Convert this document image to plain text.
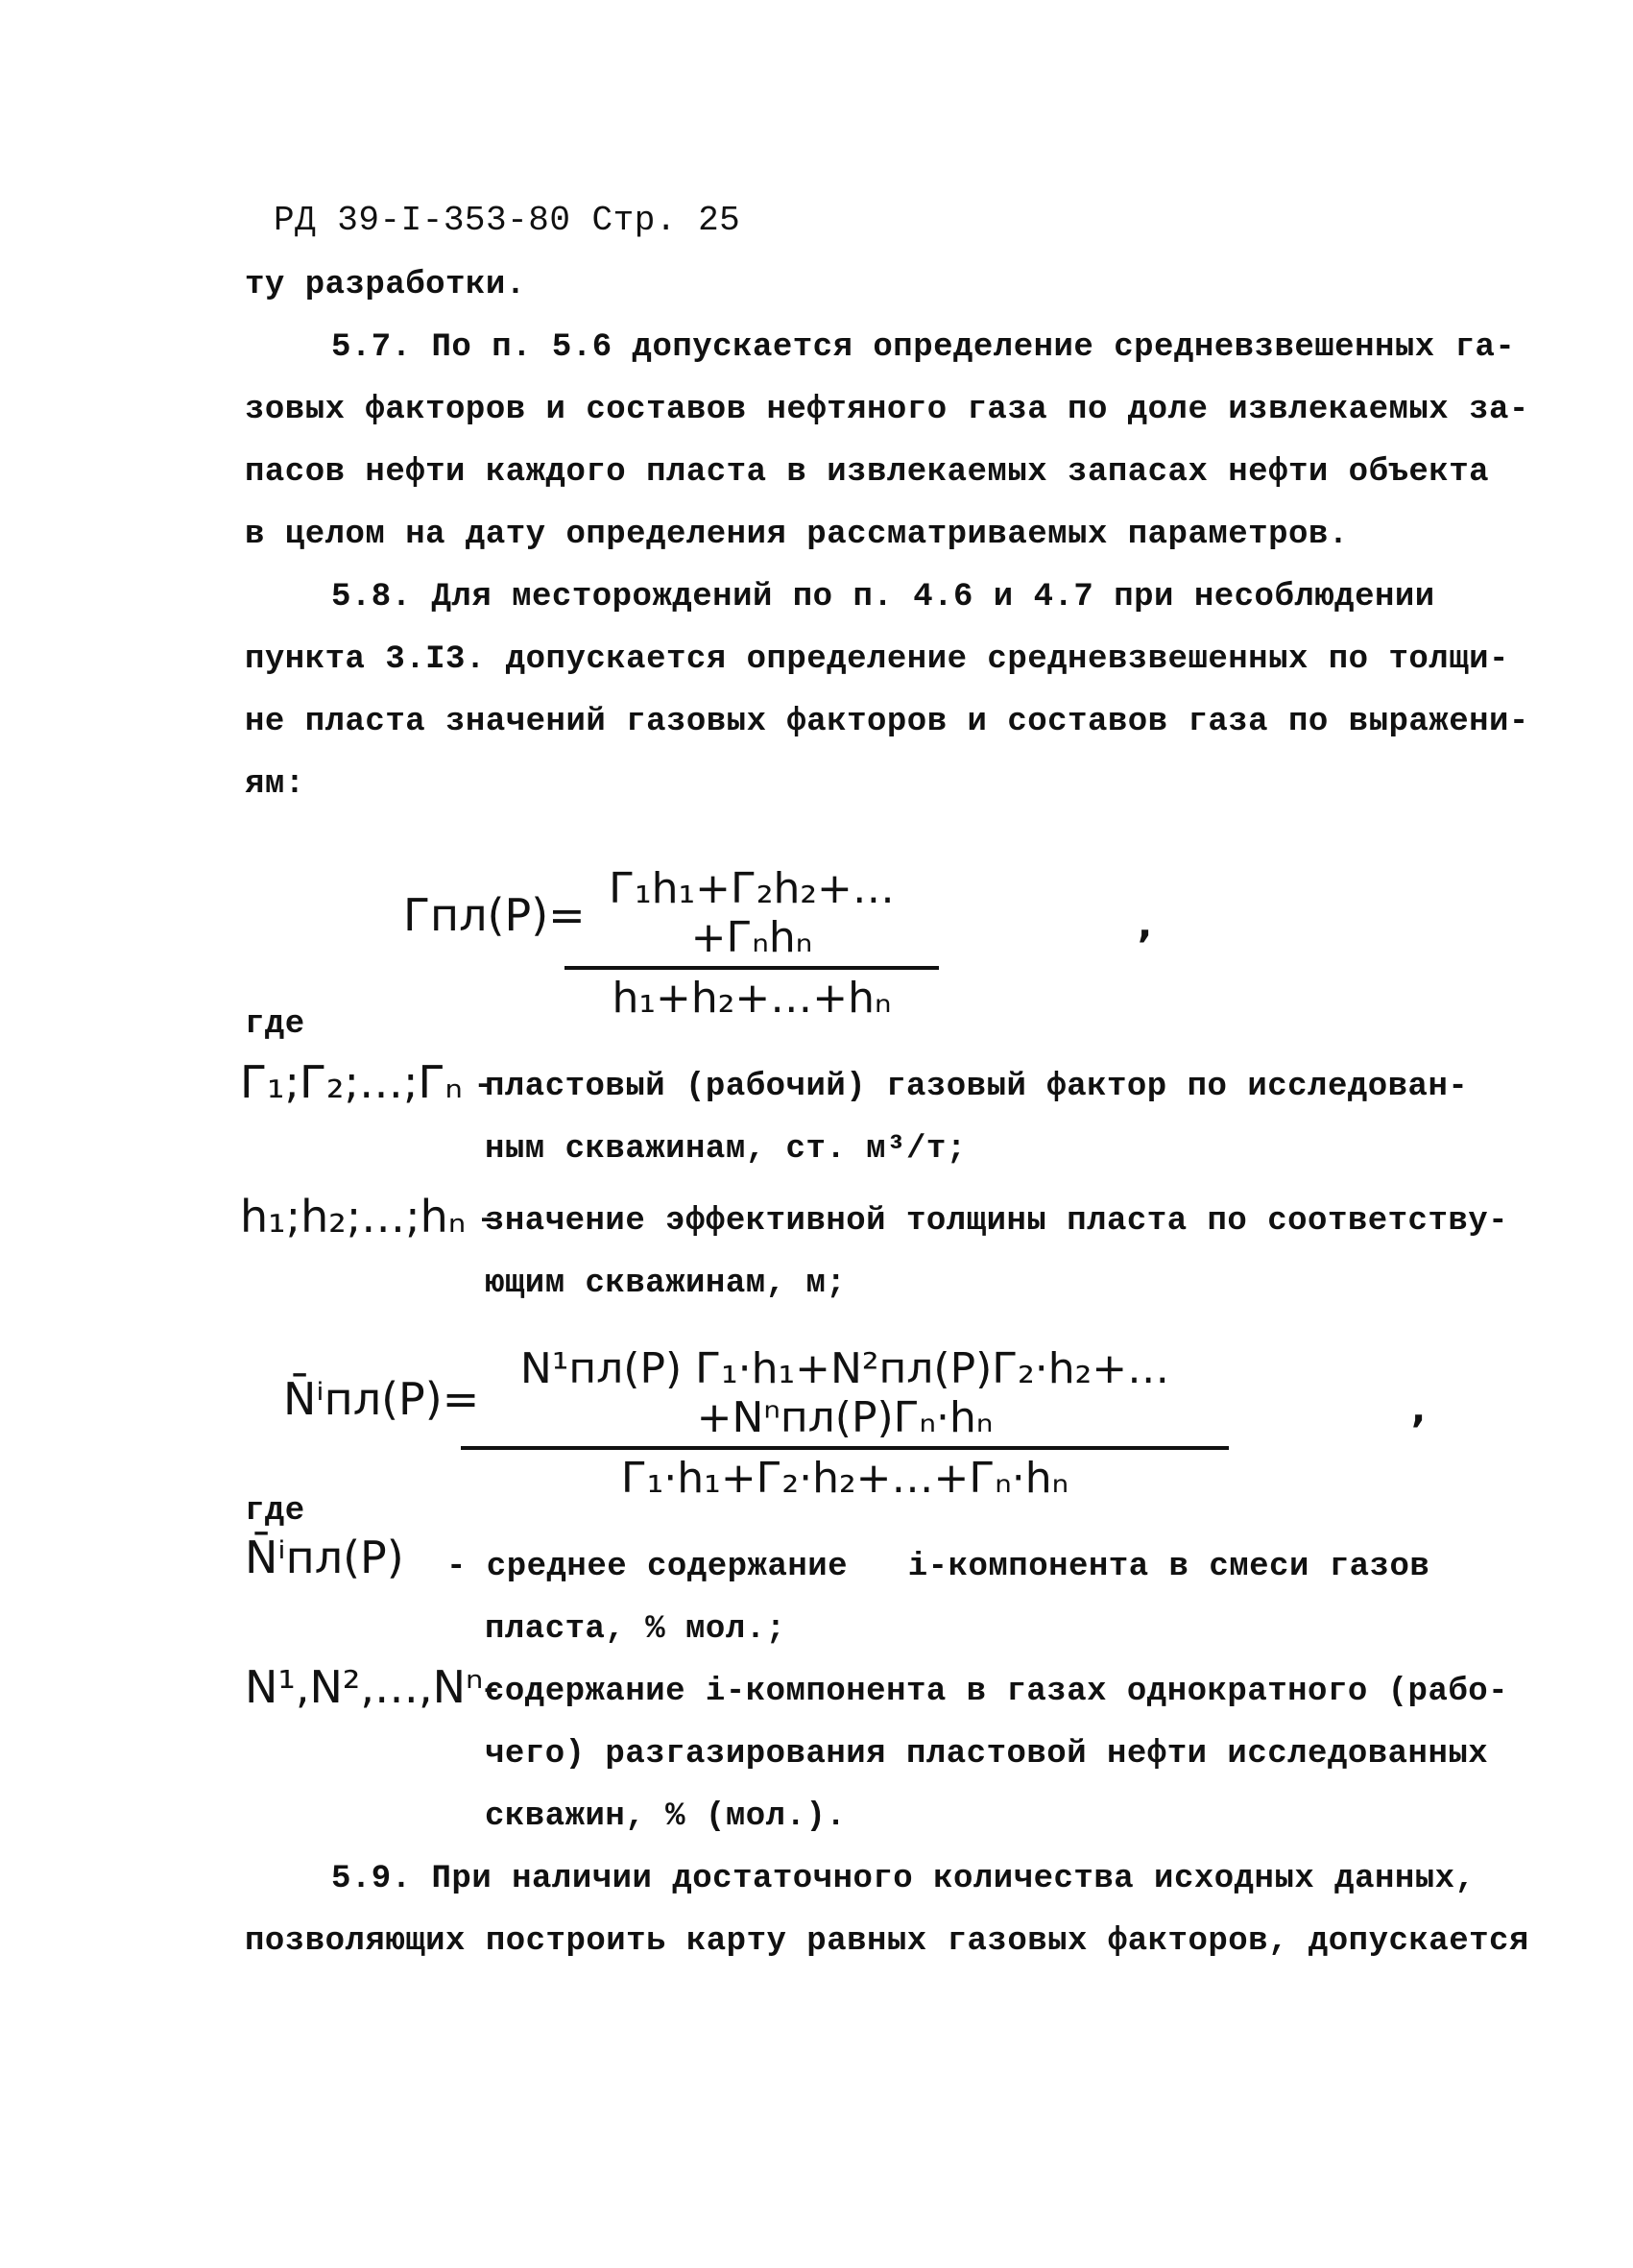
РД 39-I-353-80 Стр. 25
ту разработки.
5.7. По п. 5.6 допускается определение средневзвешенных га-
зовых факторов и составов нефтяного газа по доле извлекаемых за-
пасов нефти каждого пласта в извлекаемых запасах нефти объекта
в целом на дату определения рассматриваемых параметров.
5.8. Для месторождений по п. 4.6 и 4.7 при несоблюдении
пункта 3.I3. допускается определение средневзвешенных по толщи-
не пласта значений газовых факторов и составов газа по выражени-
ям:
Гпл(Р)=
Г₁h₁+Г₂h₂+…+Гₙhₙ
h₁+h₂+…+hₙ
,
где
Г₁;Г₂;…;Гₙ -
пластовый (рабочий) газовый фактор по исследован-
ным скважинам, ст. м³/т;
h₁;h₂;…;hₙ -
значение эффективной толщины пласта по соответству-
ющим скважинам, м;
N̄ⁱпл(Р)=
N¹пл(Р) Г₁·h₁+N²пл(Р)Г₂·h₂+…+Nⁿпл(Р)Гₙ·hₙ
Г₁·h₁+Г₂·h₂+…+Гₙ·hₙ
,
где
N̄ⁱпл(Р) - среднее содержание   i-компонента в смеси газов
пласта, % мол.;
N¹,N²,…,Nⁿ-
содержание i-компонента в газах однократного (рабо-
чего) разгазирования пластовой нефти исследованных
скважин, % (мол.).
5.9. При наличии достаточного количества исходных данных,
позволяющих построить карту равных газовых факторов, допускается
